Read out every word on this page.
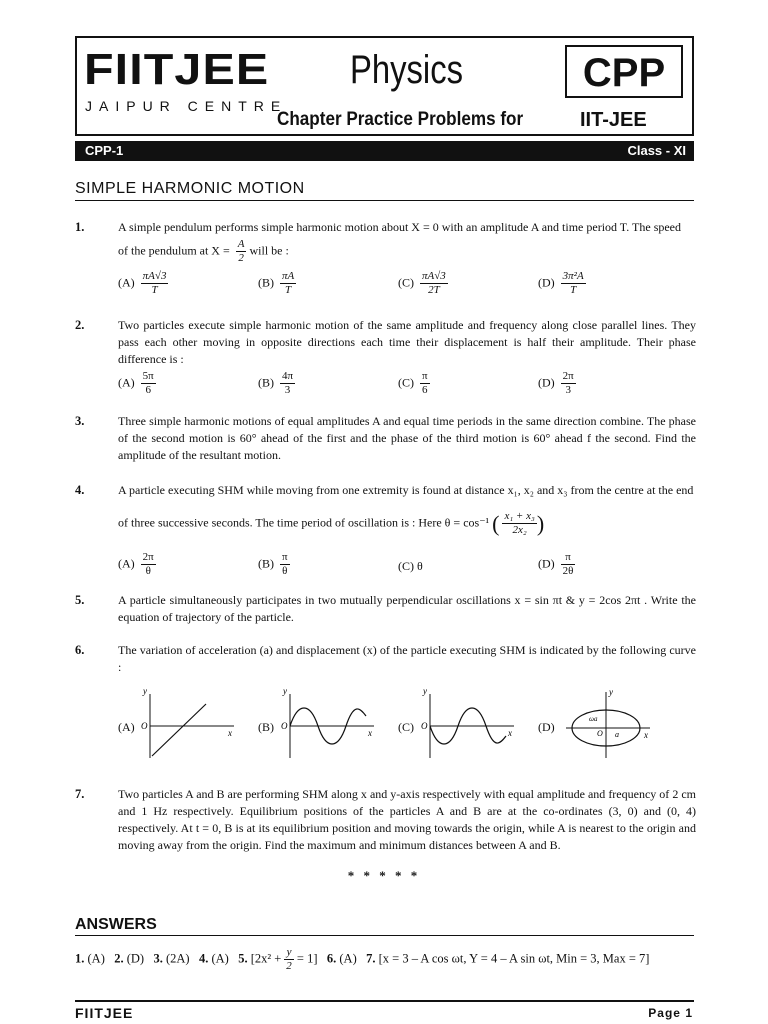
FIITJEE
JAIPUR CENTRE
Physics
Chapter Practice Problems for
CPP
IIT-JEE
CPP-1	Class - XI
SIMPLE HARMONIC MOTION
1.	A simple pendulum performs simple harmonic motion about X = 0 with an amplitude A and time period T. The speed
of the pendulum at $X = \frac{A}{2}$ will be :
$(A) \frac{\pi A√3}{T}$	$(B) \frac{\pi A}{T}$	$(C) \frac{\pi A√3}{2T}$	$(D) \frac{\text{3π²A}}{T}$
2.	Two particles execute simple harmonic motion of the same amplitude and frequency along close parallel lines. They pass each other moving in opposite directions each time their displacement is half their amplitude. Their phase difference is :
$(A) \frac{5\pi}{6}$	$(B) \frac{4\pi}{3}$	$(C) \frac{\pi}{6}$	$(D) \frac{2\pi}{3}$
3.	Three simple harmonic motions of equal amplitudes A and equal time periods in the same direction combine. The phase of the second motion is 60° ahead of the first and the phase of the third motion is 60° ahead f the second. Find the amplitude of the resultant motion.
4.	A particle executing SHM while moving from one extremity is found at distance x₁, x₂ and x₃ from the centre at the end
of three successive seconds. The time period of oscillation is : Here θ = cos⁻¹ ( $\frac{\text{x₁ + x₃}}{\text{2x₂}}$ )
$(A) \frac{2\pi}{\theta}$	$(B) \frac{\pi}{\theta}$	(C) θ	$(D) \frac{\pi}{2\theta}$
5.	A particle simultaneously participates in two mutually perpendicular oscillations x = sin πt & y = 2cos 2πt . Write the equation of trajectory of the particle.
6.	The variation of acceleration (a) and displacement (x) of the particle executing SHM is indicated by the following curve :
(A)	(B)	(C)	(D)
y
O
x
y
O
x
y
O
x
y
x
O
ωa
a
7.	Two particles A and B are performing SHM along x and y-axis respectively with equal amplitude and frequency of 2 cm and 1 Hz respectively. Equilibrium positions of the particles A and B are at the co-ordinates (3, 0) and (0, 4) respectively. At t = 0, B is at its equilibrium position and moving towards the origin, while A is nearest to the origin and moving away from the origin. Find the maximum and minimum distances between A and B.
* * * * *
ANSWERS
1. (A) 2. (D) 3. (2A) 4. (A) 5. $[2x^2 + \frac{y}{2} = 1]$ 6. (A) 7. [x = 3 – A cos ωt, Y = 4 – A sin ωt, Min = 3, Max = 7]
FIITJEE	Page 1
